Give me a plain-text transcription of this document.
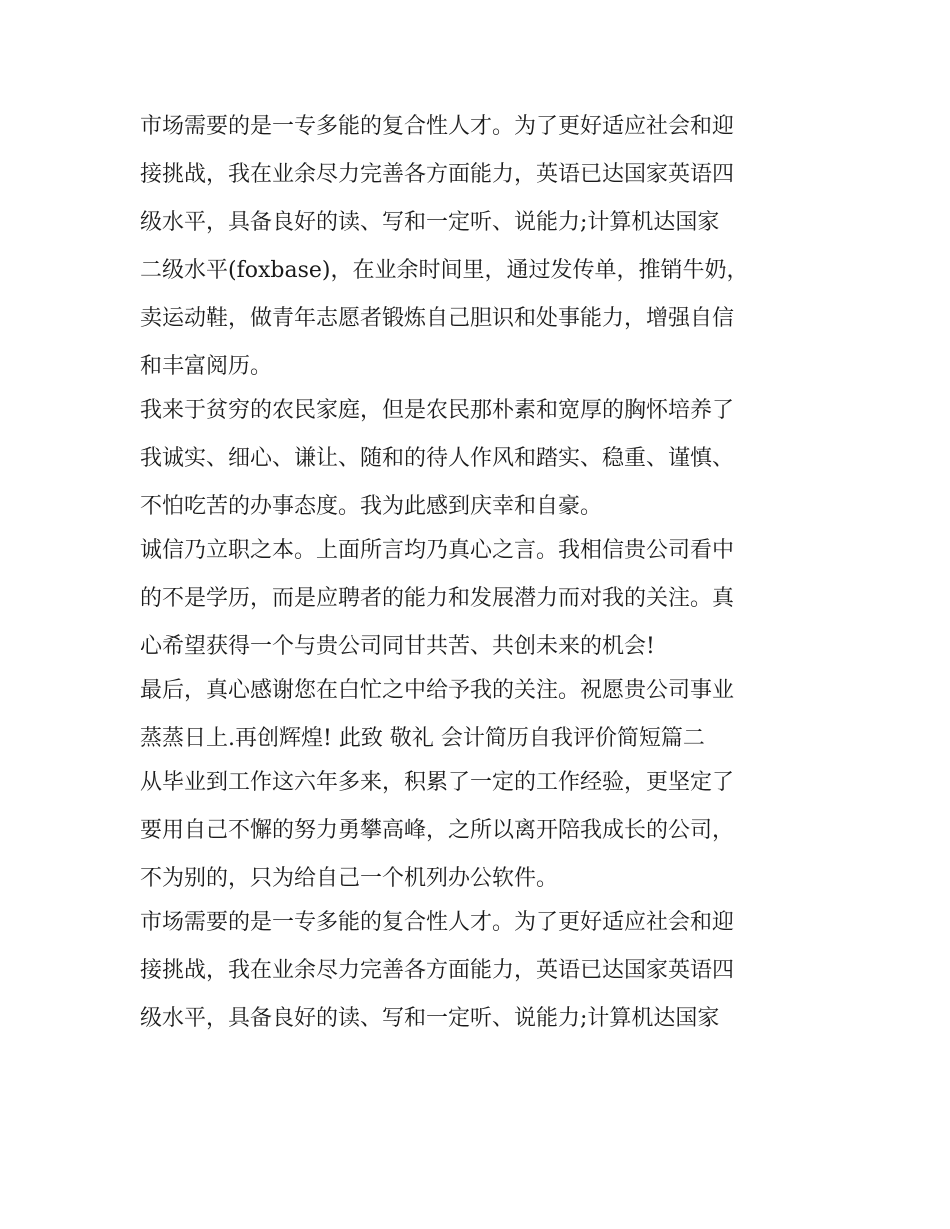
市场需要的是一专多能的复合性人才。为了更好适应社会和迎
接挑战，我在业余尽力完善各方面能力，英语已达国家英语四
级水平，具备良好的读、写和一定听、说能力;计算机达国家
二级水平(foxbase)，在业余时间里，通过发传单，推销牛奶，
卖运动鞋，做青年志愿者锻炼自己胆识和处事能力，增强自信
和丰富阅历。
我来于贫穷的农民家庭，但是农民那朴素和宽厚的胸怀培养了
我诚实、细心、谦让、随和的待人作风和踏实、稳重、谨慎、
不怕吃苦的办事态度。我为此感到庆幸和自豪。
诚信乃立职之本。上面所言均乃真心之言。我相信贵公司看中
的不是学历，而是应聘者的能力和发展潜力而对我的关注。真
心希望获得一个与贵公司同甘共苦、共创未来的机会!
最后，真心感谢您在白忙之中给予我的关注。祝愿贵公司事业
蒸蒸日上.再创辉煌! 此致 敬礼 会计简历自我评价简短篇二
从毕业到工作这六年多来，积累了一定的工作经验，更坚定了
要用自己不懈的努力勇攀高峰，之所以离开陪我成长的公司，
不为别的，只为给自己一个机列办公软件。
市场需要的是一专多能的复合性人才。为了更好适应社会和迎
接挑战，我在业余尽力完善各方面能力，英语已达国家英语四
级水平，具备良好的读、写和一定听、说能力;计算机达国家
